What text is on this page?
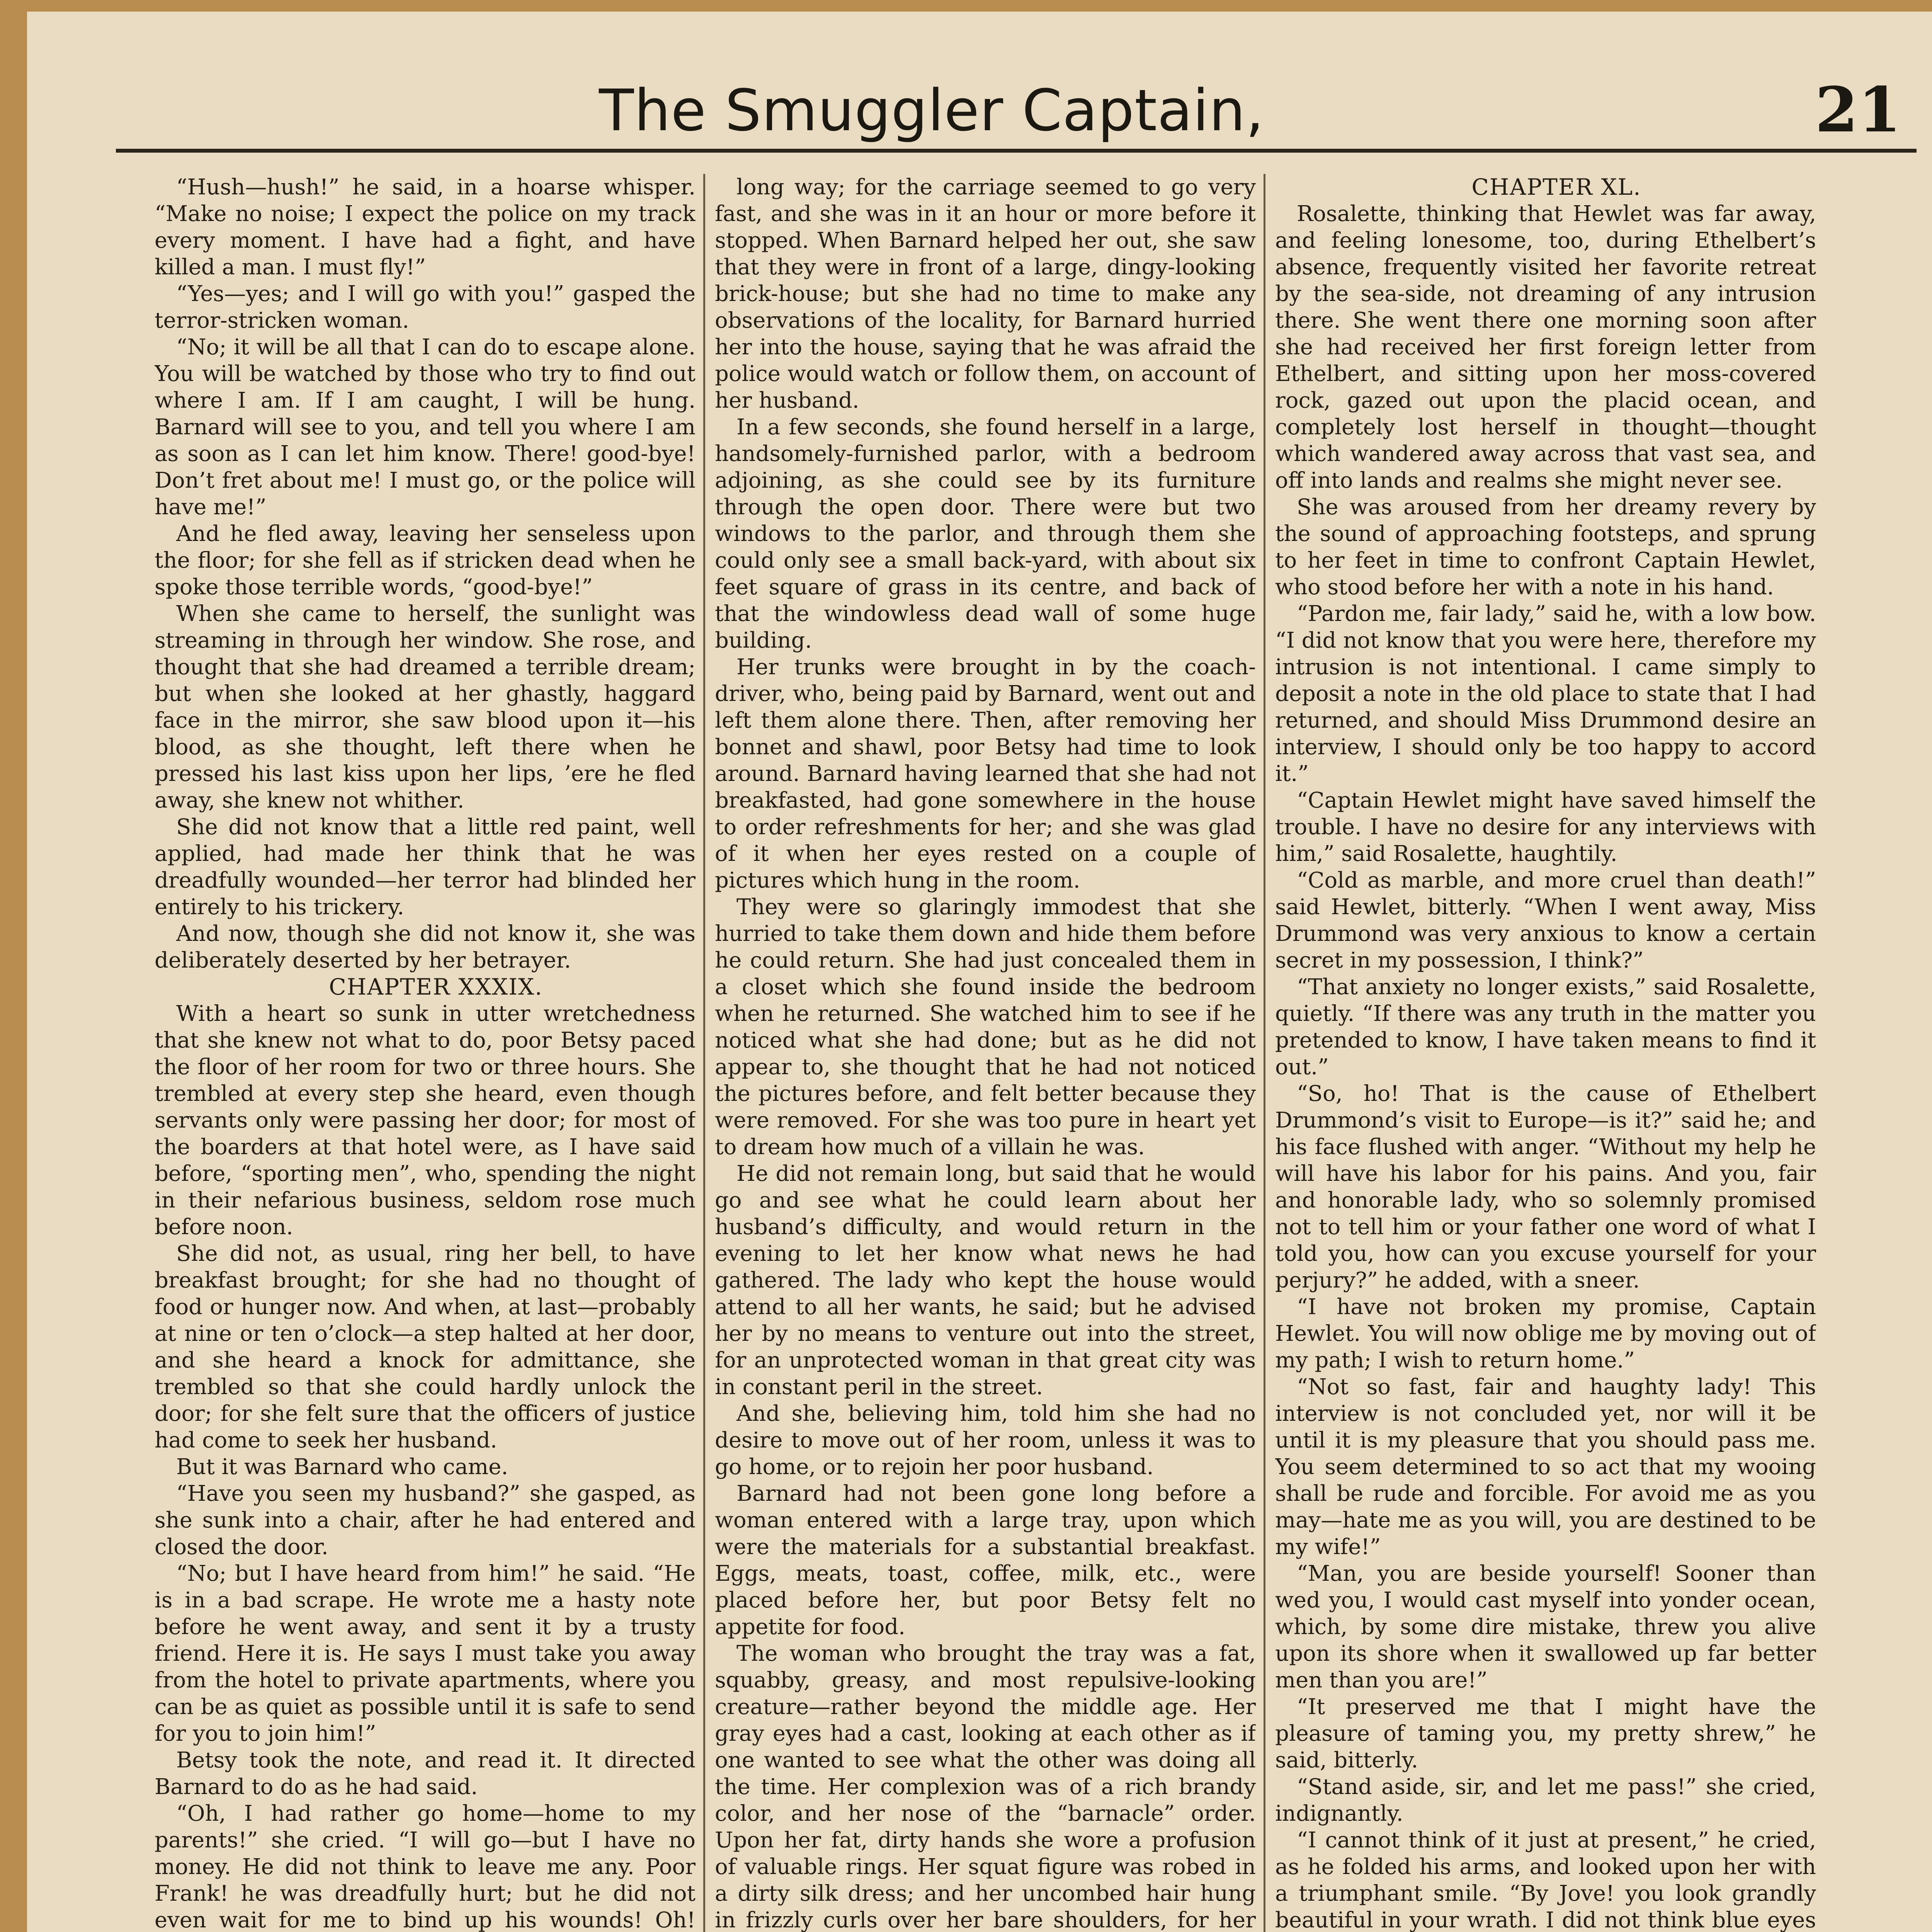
The Smuggler Captain,	21

“Hush—hush!” he said, in a hoarse whisper. “Make no noise; I expect the police on my track every moment. I have had a fight, and have killed a man. I must fly!”

“Yes—yes; and I will go with you!” gasped the terror-stricken woman.

“No; it will be all that I can do to escape alone. You will be watched by those who try to find out where I am. If I am caught, I will be hung. Barnard will see to you, and tell you where I am as soon as I can let him know. There! good-bye! Don’t fret about me! I must go, or the police will have me!”

And he fled away, leaving her senseless upon the floor; for she fell as if stricken dead when he spoke those terrible words, “good-bye!”

When she came to herself, the sunlight was streaming in through her window. She rose, and thought that she had dreamed a terrible dream; but when she looked at her ghastly, haggard face in the mirror, she saw blood upon it—his blood, as she thought, left there when he pressed his last kiss upon her lips, ’ere he fled away, she knew not whither.

She did not know that a little red paint, well applied, had made her think that he was dreadfully wounded—her terror had blinded her entirely to his trickery.

And now, though she did not know it, she was deliberately deserted by her betrayer.

CHAPTER XXXIX.

With a heart so sunk in utter wretchedness that she knew not what to do, poor Betsy paced the floor of her room for two or three hours. She trembled at every step she heard, even though servants only were passing her door; for most of the boarders at that hotel were, as I have said before, “sporting men”, who, spending the night in their nefarious business, seldom rose much before noon.

She did not, as usual, ring her bell, to have breakfast brought; for she had no thought of food or hunger now. And when, at last—probably at nine or ten o’clock—a step halted at her door, and she heard a knock for admittance, she trembled so that she could hardly unlock the door; for she felt sure that the officers of justice had come to seek her husband.

But it was Barnard who came.

“Have you seen my husband?” she gasped, as she sunk into a chair, after he had entered and closed the door.

“No; but I have heard from him!” he said. “He is in a bad scrape. He wrote me a hasty note before he went away, and sent it by a trusty friend. Here it is. He says I must take you away from the hotel to private apartments, where you can be as quiet as possible until it is safe to send for you to join him!”

Betsy took the note, and read it. It directed Barnard to do as he had said.

“Oh, I had rather go home—home to my parents!” she cried. “I will go—but I have no money. He did not think to leave me any. Poor Frank! he was dreadfully hurt; but he did not even wait for me to bind up his wounds! Oh!

long way; for the carriage seemed to go very fast, and she was in it an hour or more before it stopped. When Barnard helped her out, she saw that they were in front of a large, dingy-looking brick-house; but she had no time to make any observations of the locality, for Barnard hurried her into the house, saying that he was afraid the police would watch or follow them, on account of her husband.

In a few seconds, she found herself in a large, handsomely-furnished parlor, with a bedroom adjoining, as she could see by its furniture through the open door. There were but two windows to the parlor, and through them she could only see a small back-yard, with about six feet square of grass in its centre, and back of that the windowless dead wall of some huge building.

Her trunks were brought in by the coach-driver, who, being paid by Barnard, went out and left them alone there. Then, after removing her bonnet and shawl, poor Betsy had time to look around. Barnard having learned that she had not breakfasted, had gone somewhere in the house to order refreshments for her; and she was glad of it when her eyes rested on a couple of pictures which hung in the room.

They were so glaringly immodest that she hurried to take them down and hide them before he could return. She had just concealed them in a closet which she found inside the bedroom when he returned. She watched him to see if he noticed what she had done; but as he did not appear to, she thought that he had not noticed the pictures before, and felt better because they were removed. For she was too pure in heart yet to dream how much of a villain he was.

He did not remain long, but said that he would go and see what he could learn about her husband’s difficulty, and would return in the evening to let her know what news he had gathered. The lady who kept the house would attend to all her wants, he said; but he advised her by no means to venture out into the street, for an unprotected woman in that great city was in constant peril in the street.

And she, believing him, told him she had no desire to move out of her room, unless it was to go home, or to rejoin her poor husband.

Barnard had not been gone long before a woman entered with a large tray, upon which were the materials for a substantial breakfast. Eggs, meats, toast, coffee, milk, etc., were placed before her, but poor Betsy felt no appetite for food.

The woman who brought the tray was a fat, squabby, greasy, and most repulsive-looking creature—rather beyond the middle age. Her gray eyes had a cast, looking at each other as if one wanted to see what the other was doing all the time. Her complexion was of a rich brandy color, and her nose of the “barnacle” order. Upon her fat, dirty hands she wore a profusion of valuable rings. Her squat figure was robed in a dirty silk dress; and her uncombed hair hung in frizzly curls over her bare shoulders, for her

CHAPTER XL.

Rosalette, thinking that Hewlet was far away, and feeling lonesome, too, during Ethelbert’s absence, frequently visited her favorite retreat by the sea-side, not dreaming of any intrusion there. She went there one morning soon after she had received her first foreign letter from Ethelbert, and sitting upon her moss-covered rock, gazed out upon the placid ocean, and completely lost herself in thought—thought which wandered away across that vast sea, and off into lands and realms she might never see.

She was aroused from her dreamy revery by the sound of approaching footsteps, and sprung to her feet in time to confront Captain Hewlet, who stood before her with a note in his hand.

“Pardon me, fair lady,” said he, with a low bow. “I did not know that you were here, therefore my intrusion is not intentional. I came simply to deposit a note in the old place to state that I had returned, and should Miss Drummond desire an interview, I should only be too happy to accord it.”

“Captain Hewlet might have saved himself the trouble. I have no desire for any interviews with him,” said Rosalette, haughtily.

“Cold as marble, and more cruel than death!” said Hewlet, bitterly. “When I went away, Miss Drummond was very anxious to know a certain secret in my possession, I think?”

“That anxiety no longer exists,” said Rosalette, quietly. “If there was any truth in the matter you pretended to know, I have taken means to find it out.”

“So, ho! That is the cause of Ethelbert Drummond’s visit to Europe—is it?” said he; and his face flushed with anger. “Without my help he will have his labor for his pains. And you, fair and honorable lady, who so solemnly promised not to tell him or your father one word of what I told you, how can you excuse yourself for your perjury?” he added, with a sneer.

“I have not broken my promise, Captain Hewlet. You will now oblige me by moving out of my path; I wish to return home.”

“Not so fast, fair and haughty lady! This interview is not concluded yet, nor will it be until it is my pleasure that you should pass me. You seem determined to so act that my wooing shall be rude and forcible. For avoid me as you may—hate me as you will, you are destined to be my wife!”

“Man, you are beside yourself! Sooner than wed you, I would cast myself into yonder ocean, which, by some dire mistake, threw you alive upon its shore when it swallowed up far better men than you are!”

“It preserved me that I might have the pleasure of taming you, my pretty shrew,” he said, bitterly.

“Stand aside, sir, and let me pass!” she cried, indignantly.

“I cannot think of it just at present,” he cried, as he folded his arms, and looked upon her with a triumphant smile. “By Jove! you look grandly beautiful in your wrath. I did not think blue eyes
